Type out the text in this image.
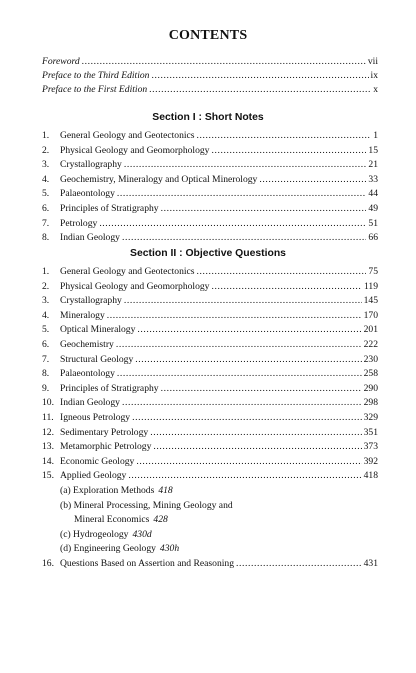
CONTENTS
Foreword .....	vii
Preface to the Third Edition .....	ix
Preface to the First Edition .....	x
Section I : Short Notes
1.	General Geology and Geotectonics .....	1
2.	Physical Geology and Geomorphology .....	15
3.	Crystallography .....	21
4.	Geochemistry, Mineralogy and Optical Minerology .....	33
5.	Palaeontology .....	44
6.	Principles of Stratigraphy .....	49
7.	Petrology .....	51
8.	Indian Geology .....	66
Section II : Objective Questions
1.	General Geology and Geotectonics .....	75
2.	Physical Geology and Geomorphology .....	119
3.	Crystallography .....	145
4.	Mineralogy .....	170
5.	Optical Mineralogy .....	201
6.	Geochemistry .....	222
7.	Structural Geology .....	230
8.	Palaeontology .....	258
9.	Principles of Stratigraphy .....	290
10. Indian Geology .....	298
11. Igneous Petrology .....	329
12. Sedimentary Petrology .....	351
13. Metamorphic Petrology .....	373
14. Economic Geology .....	392
15. Applied Geology .....	418
(a) Exploration Methods 418
(b) Mineral Processing, Mining Geology and
Mineral Economics 428
(c) Hydrogeology 430d
(d) Engineering Geology 430h
16. Questions Based on Assertion and Reasoning .....	431
